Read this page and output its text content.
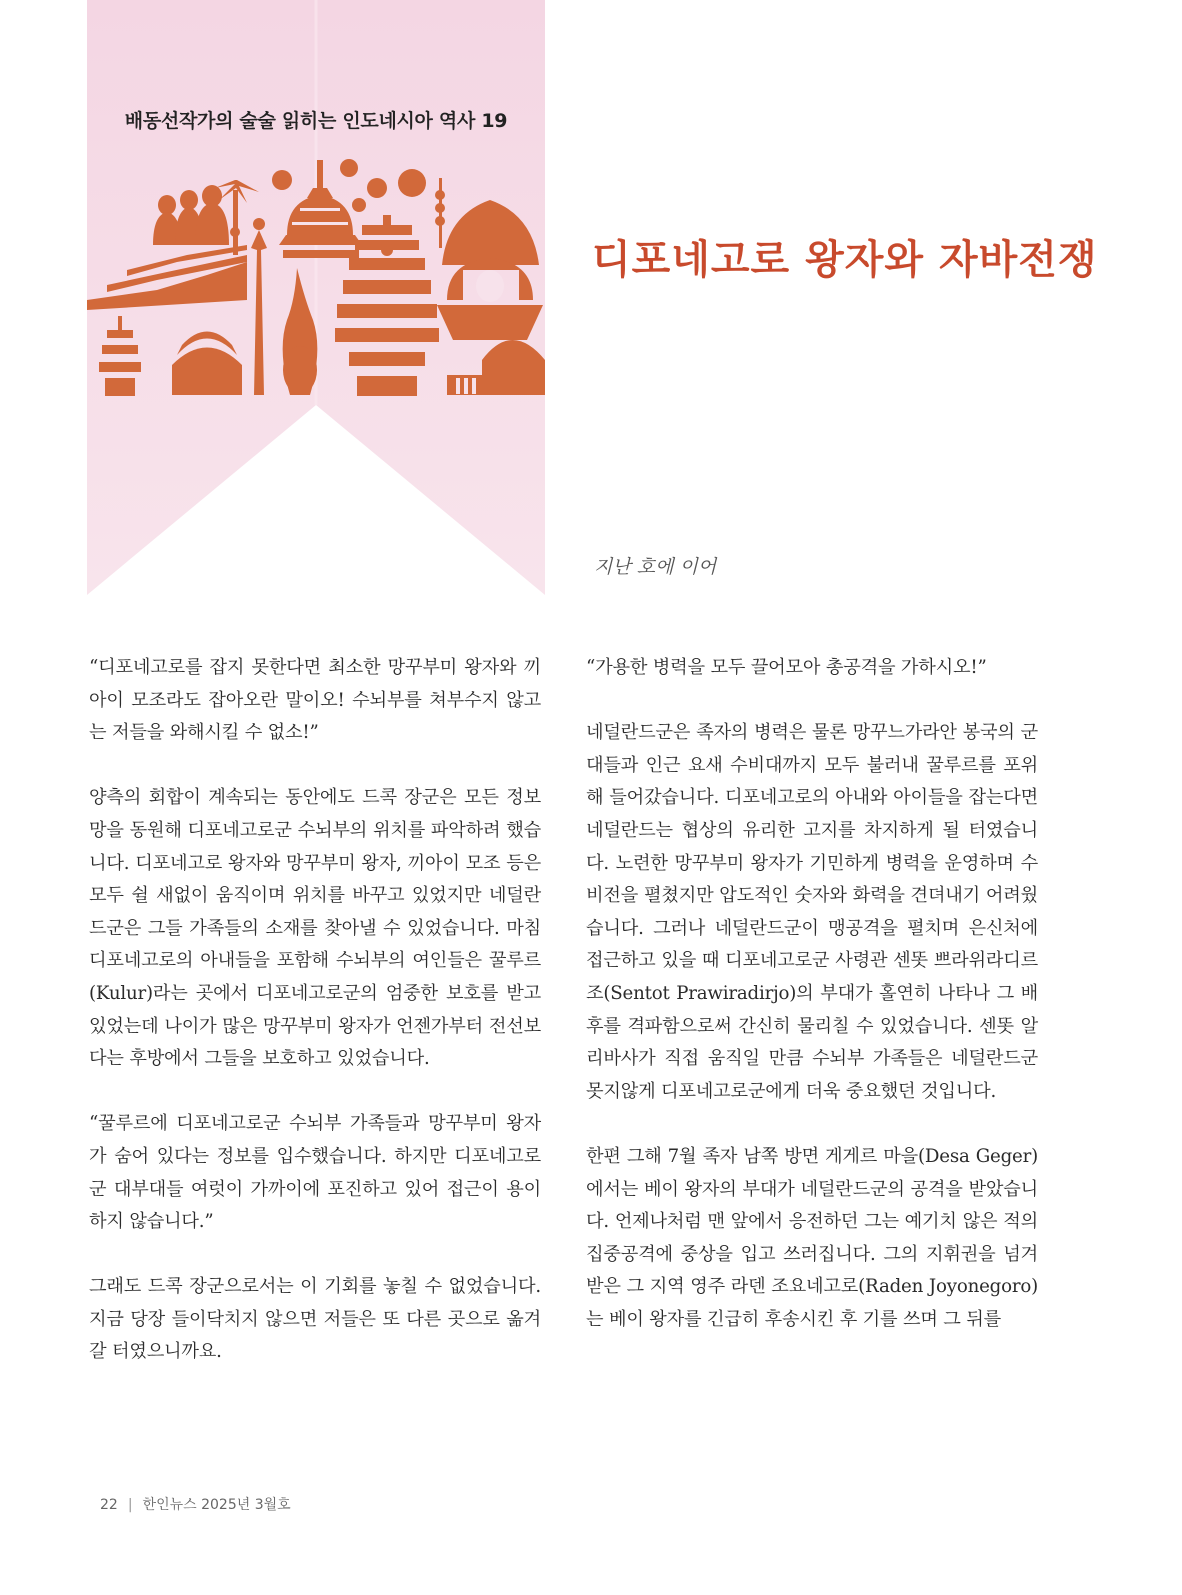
배동선작가의 술술 읽히는 인도네시아 역사 19
디포네고로 왕자와 자바전쟁
지난 호에 이어

“디포네고로를 잡지 못한다면 최소한 망꾸부미 왕자와 끼아이 모조라도 잡아오란 말이오! 수뇌부를 쳐부수지 않고는 저들을 와해시킬 수 없소!”

양측의 회합이 계속되는 동안에도 드콕 장군은 모든 정보망을 동원해 디포네고로군 수뇌부의 위치를 파악하려 했습니다. 디포네고로 왕자와 망꾸부미 왕자, 끼아이 모조 등은 모두 쉴 새없이 움직이며 위치를 바꾸고 있었지만 네덜란드군은 그들 가족들의 소재를 찾아낼 수 있었습니다. 마침 디포네고로의 아내들을 포함해 수뇌부의 여인들은 꿀루르(Kulur)라는 곳에서 디포네고로군의 엄중한 보호를 받고 있었는데 나이가 많은 망꾸부미 왕자가 언젠가부터 전선보다는 후방에서 그들을 보호하고 있었습니다.

“꿀루르에 디포네고로군 수뇌부 가족들과 망꾸부미 왕자가 숨어 있다는 정보를 입수했습니다. 하지만 디포네고로군 대부대들 여럿이 가까이에 포진하고 있어 접근이 용이하지 않습니다.”

그래도 드콕 장군으로서는 이 기회를 놓칠 수 없었습니다. 지금 당장 들이닥치지 않으면 저들은 또 다른 곳으로 옮겨갈 터였으니까요.

“가용한 병력을 모두 끌어모아 총공격을 가하시오!”

네덜란드군은 족자의 병력은 물론 망꾸느가라안 봉국의 군대들과 인근 요새 수비대까지 모두 불러내 꿀루르를 포위해 들어갔습니다. 디포네고로의 아내와 아이들을 잡는다면 네덜란드는 협상의 유리한 고지를 차지하게 될 터였습니다. 노련한 망꾸부미 왕자가 기민하게 병력을 운영하며 수비전을 펼쳤지만 압도적인 숫자와 화력을 견뎌내기 어려웠습니다. 그러나 네덜란드군이 맹공격을 펼치며 은신처에 접근하고 있을 때 디포네고로군 사령관 센똣 쁘라위라디르조(Sentot Prawiradirjo)의 부대가 홀연히 나타나 그 배후를 격파함으로써 간신히 물리칠 수 있었습니다. 센똣 알리바사가 직접 움직일 만큼 수뇌부 가족들은 네덜란드군 못지않게 디포네고로군에게 더욱 중요했던 것입니다.

한편 그해 7월 족자 남쪽 방면 게게르 마을(Desa Geger)에서는 베이 왕자의 부대가 네덜란드군의 공격을 받았습니다. 언제나처럼 맨 앞에서 응전하던 그는 예기치 않은 적의 집중공격에 중상을 입고 쓰러집니다. 그의 지휘권을 넘겨 받은 그 지역 영주 라덴 조요네고로(Raden Joyonegoro)는 베이 왕자를 긴급히 후송시킨 후 기를 쓰며 그 뒤를

22 | 한인뉴스 2025년 3월호
